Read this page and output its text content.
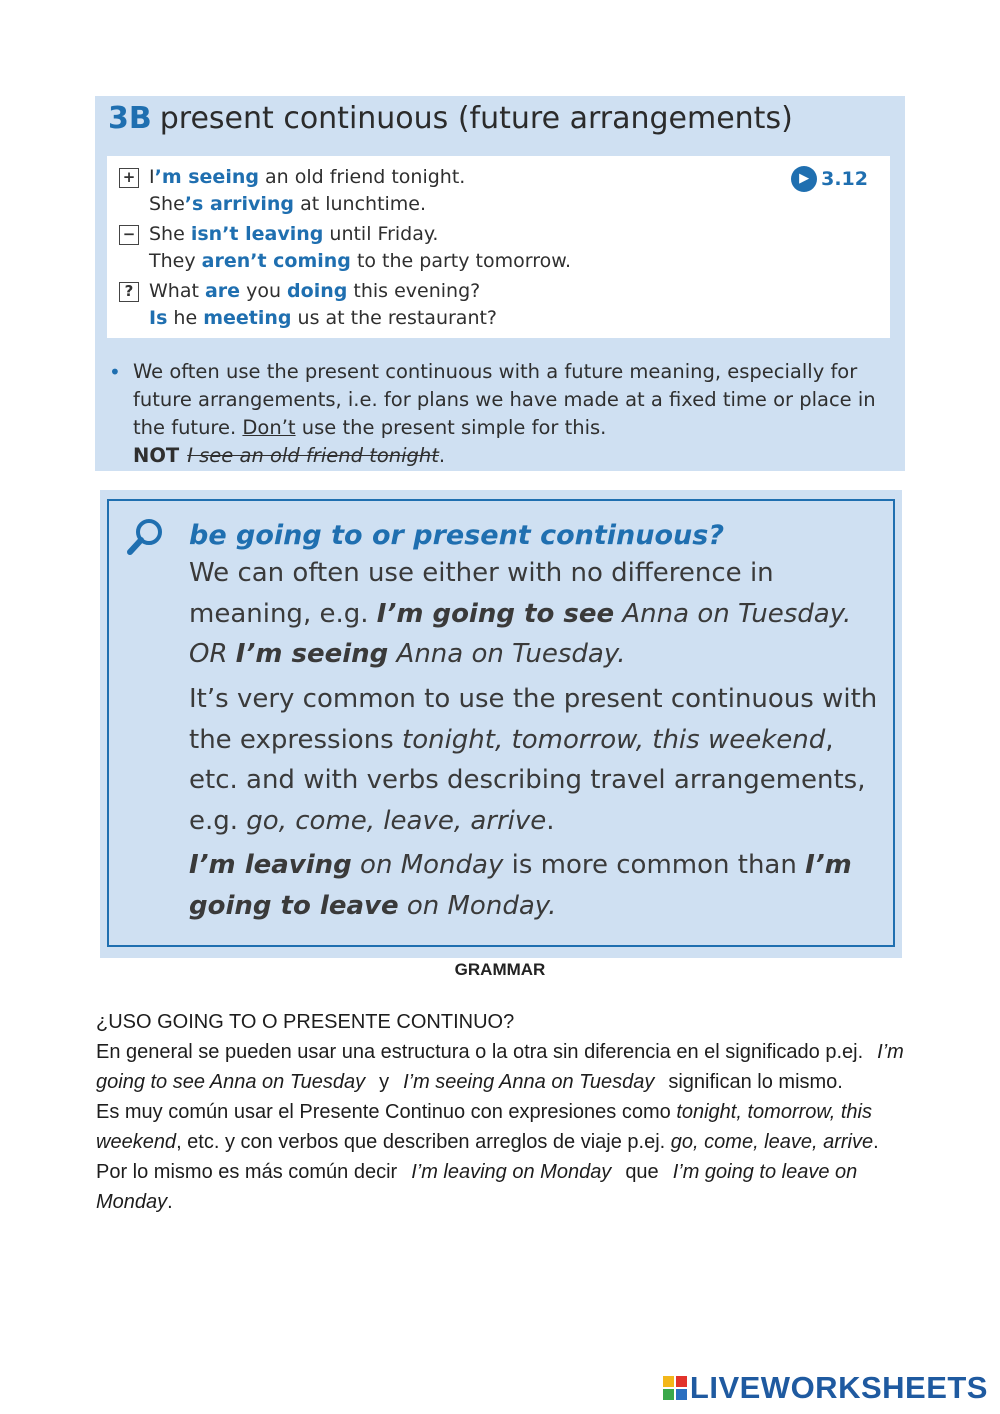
3B present continuous (future arrangements)
▶ 3.12
+ I’m seeing an old friend tonight.
She’s arriving at lunchtime.
− She isn’t leaving until Friday.
They aren’t coming to the party tomorrow.
? What are you doing this evening?
Is he meeting us at the restaurant?
• We often use the present continuous with a future meaning, especially for future arrangements, i.e. for plans we have made at a fixed time or place in the future. Don’t use the present simple for this.
NOT I see an old friend tonight.
be going to or present continuous?
We can often use either with no difference in meaning, e.g. I’m going to see Anna on Tuesday. OR I’m seeing Anna on Tuesday.
It’s very common to use the present continuous with the expressions tonight, tomorrow, this weekend, etc. and with verbs describing travel arrangements, e.g. go, come, leave, arrive.
I’m leaving on Monday is more common than I’m going to leave on Monday.
GRAMMAR

¿USO GOING TO O PRESENTE CONTINUO?

En general se pueden usar una estructura o la otra sin diferencia en el significado p.ej. I’m going to see Anna on Tuesday y I’m seeing Anna on Tuesday significan lo mismo.

Es muy común usar el Presente Continuo con expresiones como tonight, tomorrow, this weekend, etc. y con verbos que describen arreglos de viaje p.ej. go, come, leave, arrive.

Por lo mismo es más común decir I’m leaving on Monday que I’m going to leave on Monday.

LIVEWORKSHEETS
